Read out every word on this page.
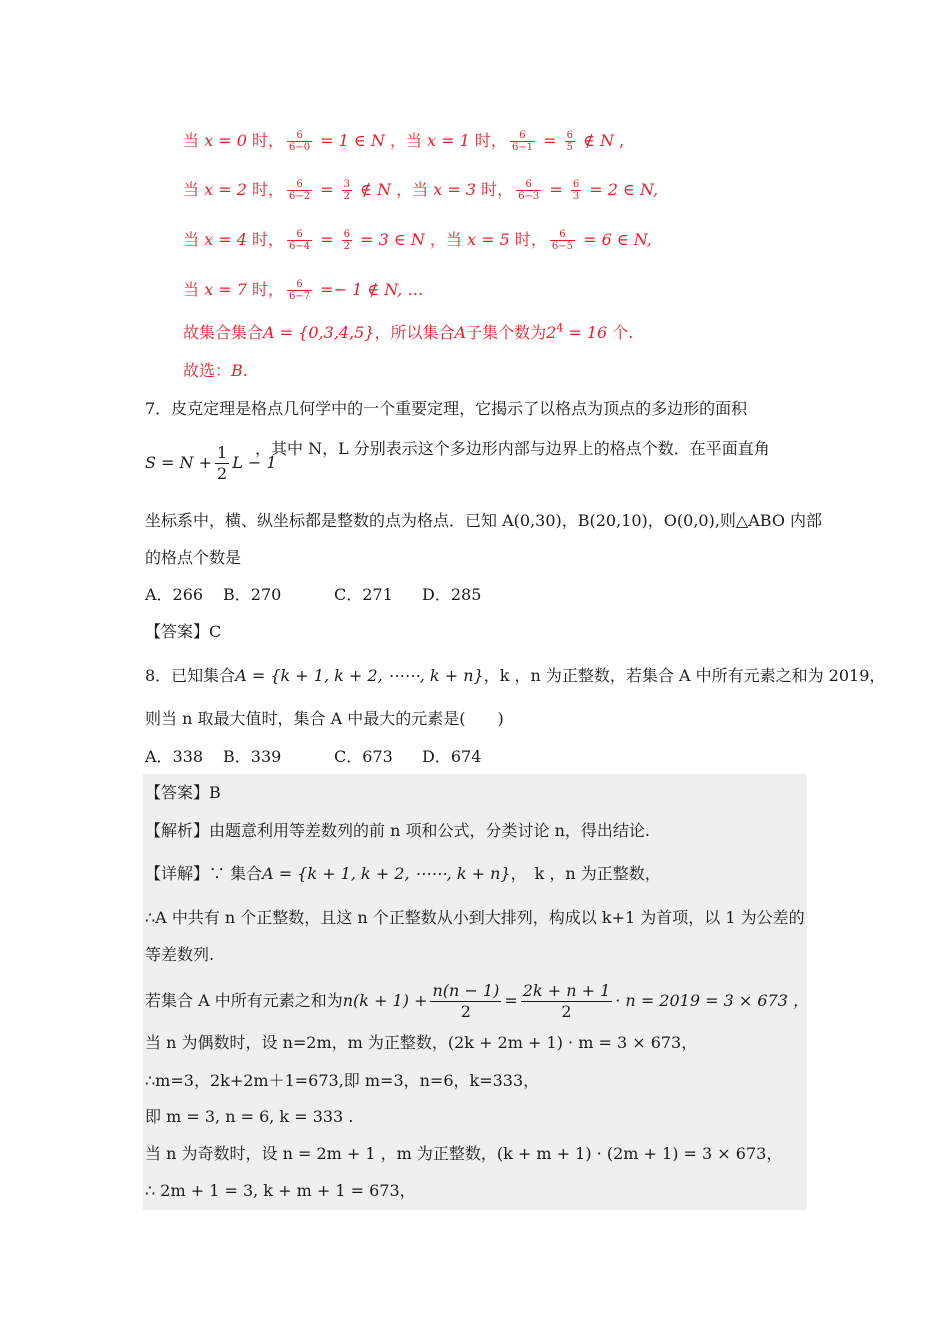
当 x = 0 时， $\frac{6}{6-0} = 1$ ∈ N ，当 x = 1 时， $\frac{6}{6-1} = \frac{6}{5}$ ∉ N ,
当 x = 2 时， $\frac{6}{6-2} = \frac{3}{2}$ ∉ N ，当 x = 3 时， $\frac{6}{6-3} = \frac{6}{3} = 2$ ∈ N,
当 x = 4 时， $\frac{6}{6-4} = \frac{6}{2} = 3$ ∈ N ，当 x = 5 时， $\frac{6}{6-5} = 6$ ∈ N,
当 x = 7 时， $\frac{6}{6-7} =- 1$ ∉ N, …
故集合集合A = {0,3,4,5}，所以集合A子集个数为$2^4 = 16$ 个.
故选：B.
7．皮克定理是格点几何学中的一个重要定理，它揭示了以格点为顶点的多边形的面积
$S = N + \frac{1}{2}$ L − 1
，其中 N，L 分别表示这个多边形内部与边界上的格点个数．在平面直角
坐标系中，横、纵坐标都是整数的点为格点．已知 A(0,30)，B(20,10)，O(0,0),则△ABO 内部
的格点个数是
A．266 B．270	C．271 D．285
【答案】C
8．已知集合A = {k + 1, k + 2, ⋯⋯, k + n}，k ，n 为正整数，若集合 A 中所有元素之和为 2019，
则当 n 取最大值时，集合 A 中最大的元素是(　　)
A．338 B．339	C．673 D．674
【答案】B
【解析】由题意利用等差数列的前 n 项和公式，分类讨论 n，得出结论.
【详解】∵ 集合A = {k + 1, k + 2, ⋯⋯, k + n}，　k ，n 为正整数，
∴A 中共有 n 个正整数，且这 n 个正整数从小到大排列，构成以 k+1 为首项，以 1 为公差的
等差数列.
若集合 A 中所有元素之和为$n(k + 1) + \frac{n(n - 1)}{2} = \frac{2k + n + 1}{2} \cdot n = 2019 = 3 \times 673$ ，
当 n 为偶数时，设 n=2m，m 为正整数，(2k + 2m + 1) · m = 3 × 673，
∴m=3，2k+2m＋1=673,即 m=3，n=6，k=333，
即 m = 3, n = 6, k = 333 .
当 n 为奇数时，设 n = 2m + 1 ，m 为正整数，(k + m + 1) · (2m + 1) = 3 × 673，
∴ 2m + 1 = 3, k + m + 1 = 673，
